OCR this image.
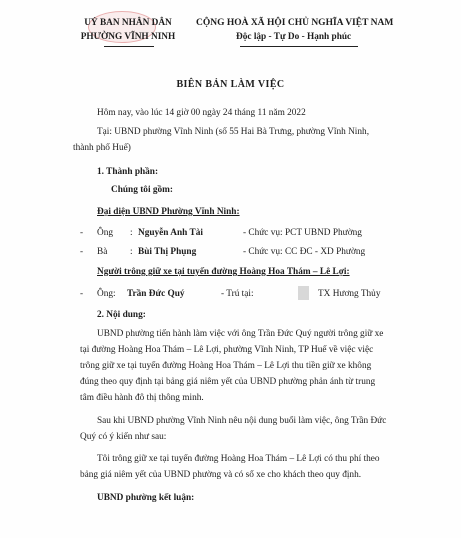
UỶ BAN NHÂN DÂN
PHƯỜNG VĨNH NINH
CỘNG HOÀ XÃ HỘI CHỦ NGHĨA VIỆT NAM
Độc lập - Tự Do - Hạnh phúc
BIÊN BẢN LÀM VIỆC
Hôm nay, vào lúc 14 giờ 00 ngày 24 tháng 11 năm 2022
Tại: UBND phường Vĩnh Ninh (số 55 Hai Bà Trưng, phường Vĩnh Ninh,
thành phố Huế)
1. Thành phần:
Chúng tôi gồm:
Đại diện UBND Phường Vĩnh Ninh:
- Ông : Nguyễn Anh Tài	- Chức vụ: PCT UBND Phường
- Bà : Bùi Thị Phụng	- Chức vụ: CC ĐC - XD Phường
Người trông giữ xe tại tuyến đường Hoàng Hoa Thám – Lê Lợi:
- Ông: Trần Đức Quý	- Trú tại:	TX Hương Thủy
2. Nội dung:
UBND phường tiến hành làm việc với ông Trần Đức Quý người trông giữ xe
tại đường Hoàng Hoa Thám – Lê Lợi, phường Vĩnh Ninh, TP Huế về việc việc
trông giữ xe tại tuyến đường Hoàng Hoa Thám – Lê Lợi thu tiền giữ xe không
đúng theo quy định tại bảng giá niêm yết của UBND phường phản ánh từ trung
tâm điều hành đô thị thông minh.
Sau khi UBND phường Vĩnh Ninh nêu nội dung buổi làm việc, ông Trần Đức
Quý có ý kiến như sau:
Tôi trông giữ xe tại tuyến đường Hoàng Hoa Thám – Lê Lợi có thu phí theo
bảng giá niêm yết của UBND phường và có sổ xe cho khách theo quy định.
UBND phường kết luận:
